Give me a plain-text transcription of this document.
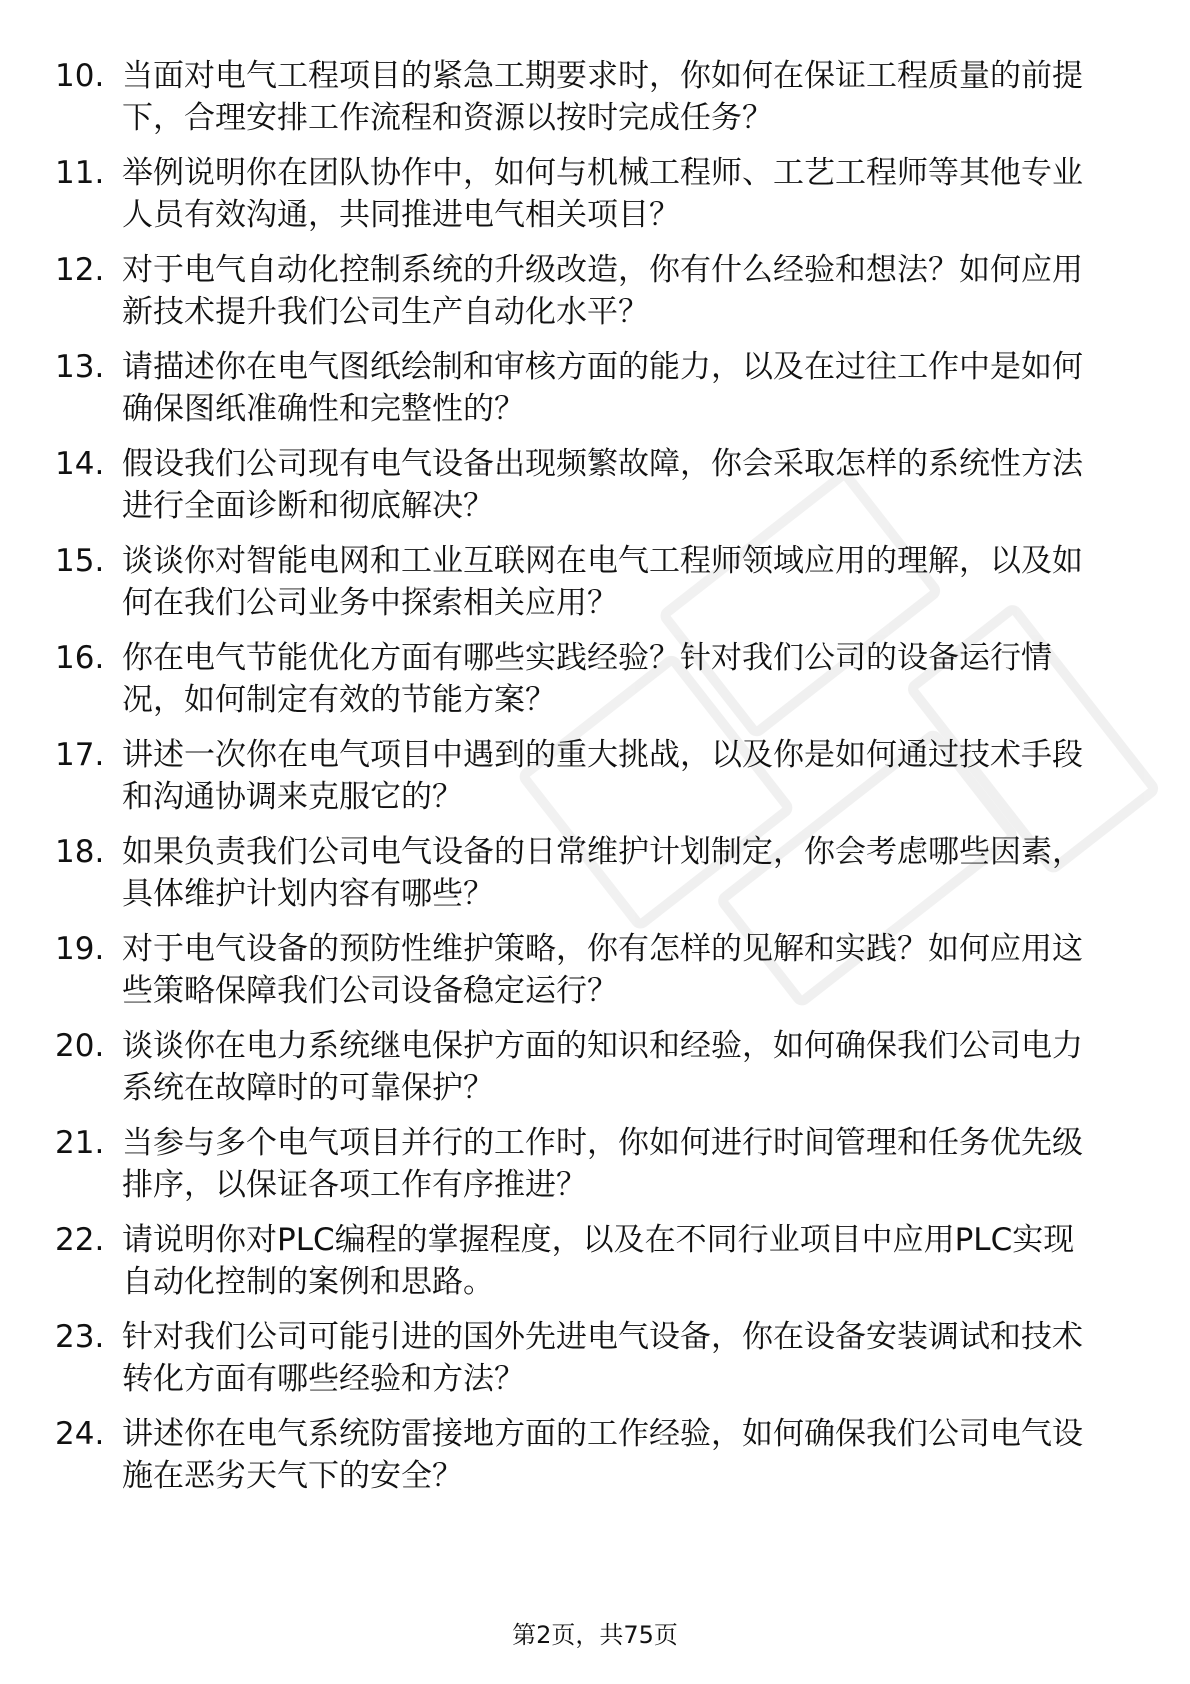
10. 当面对电气工程项目的紧急工期要求时，你如何在保证工程质量的前提下，合理安排工作流程和资源以按时完成任务？
11. 举例说明你在团队协作中，如何与机械工程师、工艺工程师等其他专业人员有效沟通，共同推进电气相关项目？
12. 对于电气自动化控制系统的升级改造，你有什么经验和想法？如何应用新技术提升我们公司生产自动化水平？
13. 请描述你在电气图纸绘制和审核方面的能力，以及在过往工作中是如何确保图纸准确性和完整性的？
14. 假设我们公司现有电气设备出现频繁故障，你会采取怎样的系统性方法进行全面诊断和彻底解决？
15. 谈谈你对智能电网和工业互联网在电气工程师领域应用的理解，以及如何在我们公司业务中探索相关应用？
16. 你在电气节能优化方面有哪些实践经验？针对我们公司的设备运行情况，如何制定有效的节能方案？
17. 讲述一次你在电气项目中遇到的重大挑战，以及你是如何通过技术手段和沟通协调来克服它的？
18. 如果负责我们公司电气设备的日常维护计划制定，你会考虑哪些因素，具体维护计划内容有哪些？
19. 对于电气设备的预防性维护策略，你有怎样的见解和实践？如何应用这些策略保障我们公司设备稳定运行？
20. 谈谈你在电力系统继电保护方面的知识和经验，如何确保我们公司电力系统在故障时的可靠保护？
21. 当参与多个电气项目并行的工作时，你如何进行时间管理和任务优先级排序，以保证各项工作有序推进？
22. 请说明你对PLC编程的掌握程度，以及在不同行业项目中应用PLC实现自动化控制的案例和思路。
23. 针对我们公司可能引进的国外先进电气设备，你在设备安装调试和技术转化方面有哪些经验和方法？
24. 讲述你在电气系统防雷接地方面的工作经验，如何确保我们公司电气设施在恶劣天气下的安全？
第2页，共75页
